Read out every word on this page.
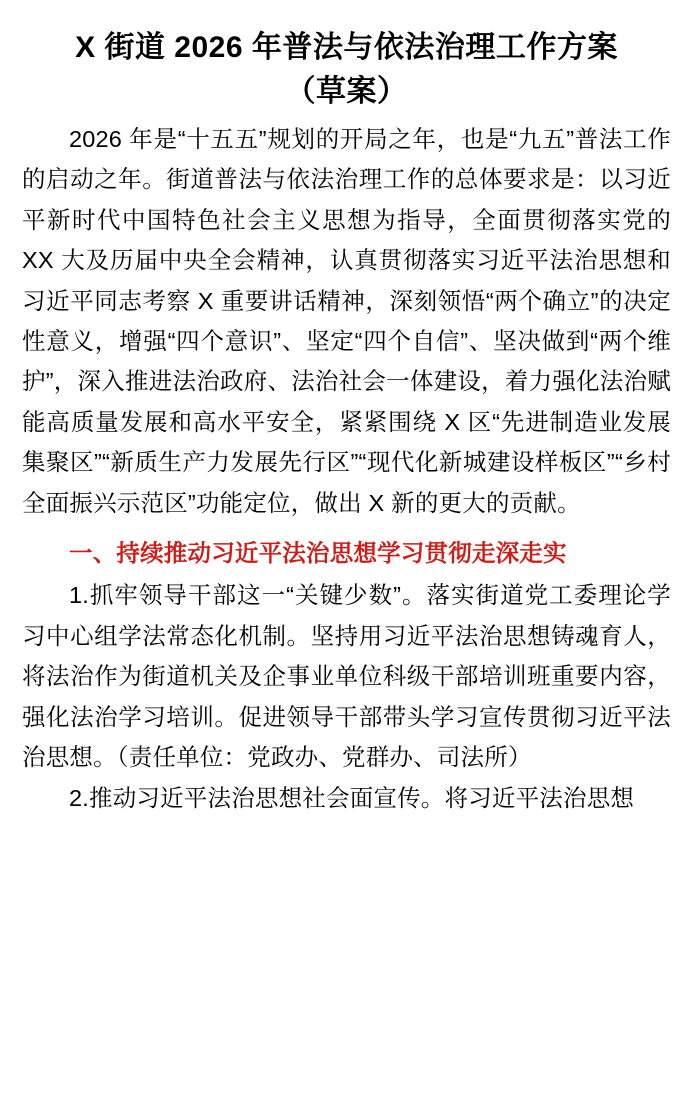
X 街道 2026 年普法与依法治理工作方案
（草案）

2026 年是“十五五”规划的开局之年，也是“九五”普法工作的启动之年。街道普法与依法治理工作的总体要求是：以习近平新时代中国特色社会主义思想为指导，全面贯彻落实党的 XX 大及历届中央全会精神，认真贯彻落实习近平法治思想和习近平同志考察 X 重要讲话精神，深刻领悟“两个确立”的决定性意义，增强“四个意识”、坚定“四个自信”、坚决做到“两个维护”，深入推进法治政府、法治社会一体建设，着力强化法治赋能高质量发展和高水平安全，紧紧围绕 X 区“先进制造业发展集聚区”“新质生产力发展先行区”“现代化新城建设样板区”“乡村全面振兴示范区”功能定位，做出 X 新的更大的贡献。

一、持续推动习近平法治思想学习贯彻走深走实

1.抓牢领导干部这一“关键少数”。落实街道党工委理论学习中心组学法常态化机制。坚持用习近平法治思想铸魂育人，将法治作为街道机关及企事业单位科级干部培训班重要内容，强化法治学习培训。促进领导干部带头学习宣传贯彻习近平法治思想。（责任单位：党政办、党群办、司法所）

2.推动习近平法治思想社会面宣传。将习近平法治思想
